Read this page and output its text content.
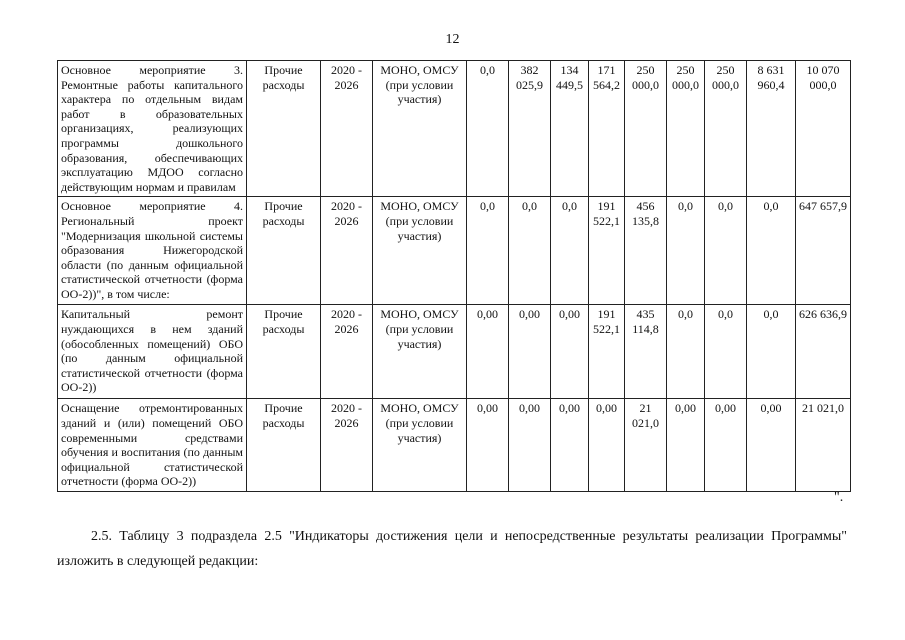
12
Основное мероприятие 3. Ремонтные работы капитального характера по отдельным видам работ в образовательных организациях, реализующих программы дошкольного образования, обеспечивающих эксплуатацию МДОО согласно действующим нормам и правилам	Прочие расходы	2020 - 2026	МОНО, ОМСУ (при условии участия)	0,0	382 025,9	134 449,5	171 564,2	250 000,0	250 000,0	250 000,0	8 631 960,4	10 070 000,0
Основное мероприятие 4. Региональный проект "Модернизация школьной системы образования Нижегородской области (по данным официальной статистической отчетности (форма ОО-2))", в том числе:	Прочие расходы	2020 - 2026	МОНО, ОМСУ (при условии участия)	0,0	0,0	0,0	191 522,1	456 135,8	0,0	0,0	0,0	647 657,9
Капитальный ремонт нуждающихся в нем зданий (обособленных помещений) ОБО (по данным официальной статистической отчетности (форма ОО-2))	Прочие расходы	2020 - 2026	МОНО, ОМСУ (при условии участия)	0,00	0,00	0,00	191 522,1	435 114,8	0,0	0,0	0,0	626 636,9
Оснащение отремонтированных зданий и (или) помещений ОБО современными средствами обучения и воспитания (по данным официальной статистической отчетности (форма ОО-2))	Прочие расходы	2020 - 2026	МОНО, ОМСУ (при условии участия)	0,00	0,00	0,00	0,00	21 021,0	0,00	0,00	0,00	21 021,0
".

2.5. Таблицу 3 подраздела 2.5 "Индикаторы достижения цели и непосредственные результаты реализации Программы" изложить в следующей редакции:
